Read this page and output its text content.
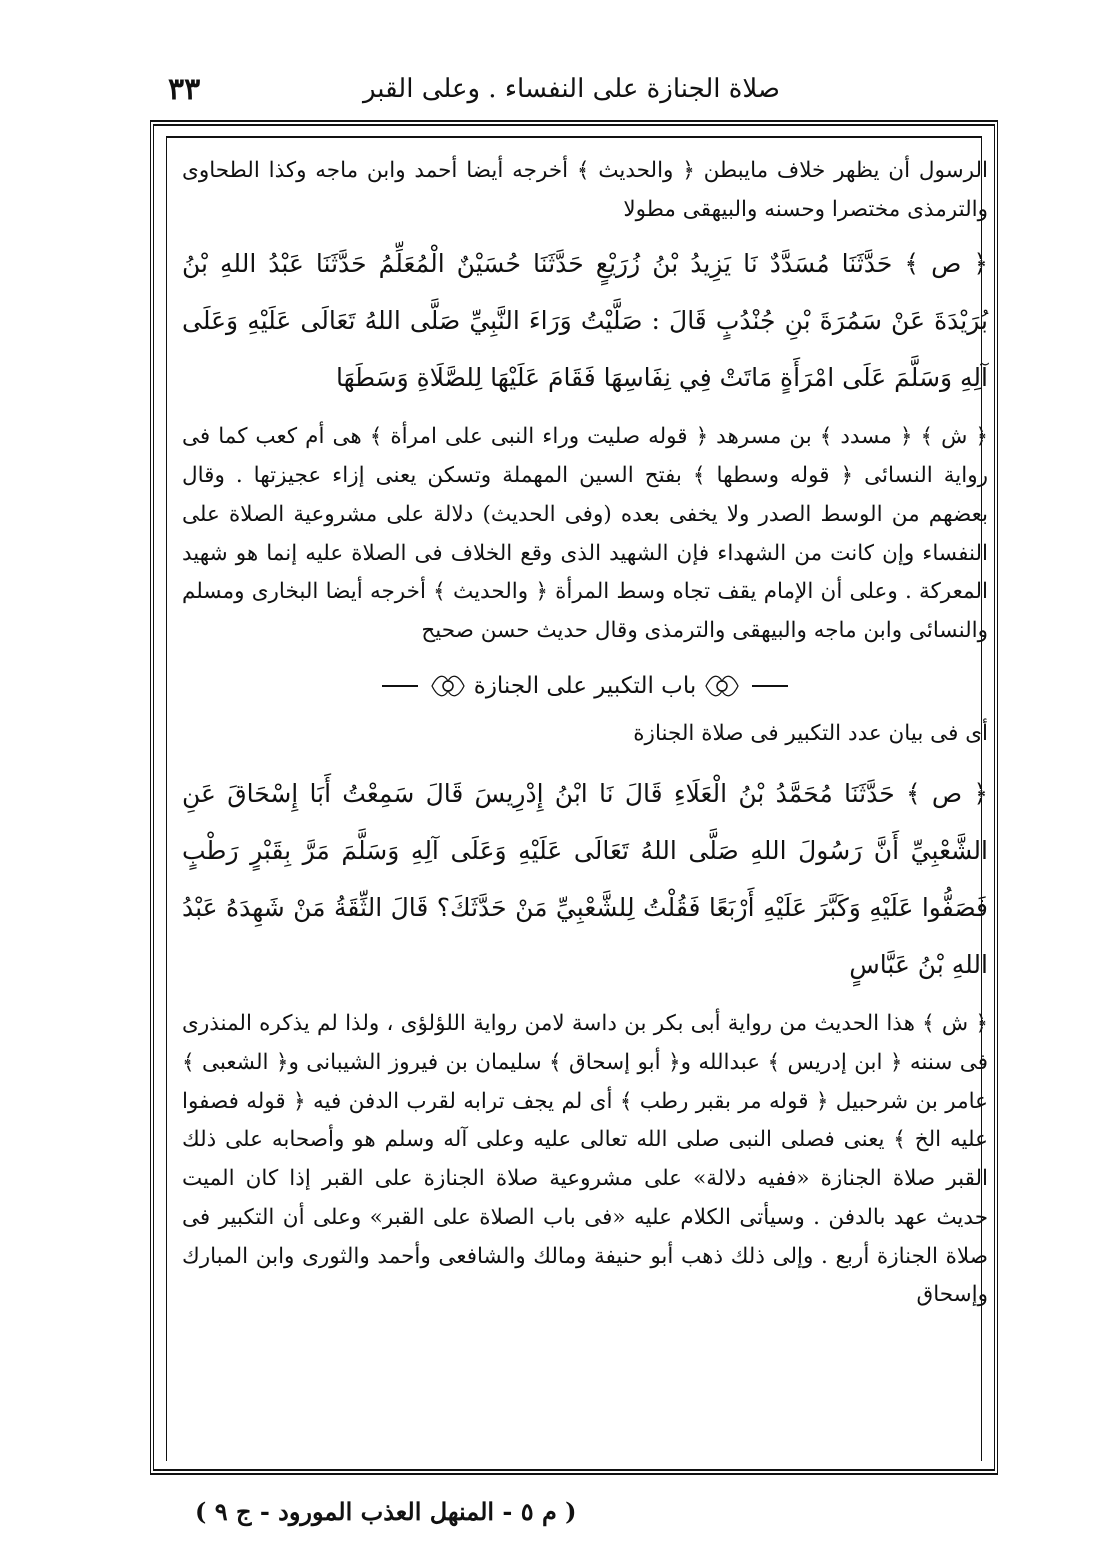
٣٣	صلاة الجنازة على النفساء . وعلى القبر

الرسول أن يظهر خلاف مايبطن ﴿ والحديث ﴾ أخرجه أيضا أحمد وابن ماجه وكذا الطحاوى والترمذى مختصرا وحسنه والبيهقى مطولا

﴿ ص ﴾ حَدَّثَنَا مُسَدَّدٌ نَا يَزِيدُ بْنُ زُرَيْعٍ حَدَّثَنَا حُسَيْنٌ الْمُعَلِّمُ حَدَّثَنَا عَبْدُ اللهِ بْنُ بُرَيْدَةَ عَنْ سَمُرَةَ بْنِ جُنْدُبٍ قَالَ : صَلَّيْتُ وَرَاءَ النَّبِيِّ صَلَّى اللهُ تَعَالَى عَلَيْهِ وَعَلَى آلِهِ وَسَلَّمَ عَلَى امْرَأَةٍ مَاتَتْ فِي نِفَاسِهَا فَقَامَ عَلَيْهَا لِلصَّلَاةِ وَسَطَهَا

﴿ ش ﴾ ﴿ مسدد ﴾ بن مسرهد ﴿ قوله صليت وراء النبى على امرأة ﴾ هى أم كعب كما فى رواية النسائى ﴿ قوله وسطها ﴾ بفتح السين المهملة وتسكن يعنى إزاء عجيزتها . وقال بعضهم من الوسط الصدر ولا يخفى بعده (وفى الحديث) دلالة على مشروعية الصلاة على النفساء وإن كانت من الشهداء فإن الشهيد الذى وقع الخلاف فى الصلاة عليه إنما هو شهيد المعركة . وعلى أن الإمام يقف تجاه وسط المرأة ﴿ والحديث ﴾ أخرجه أيضا البخارى ومسلم والنسائى وابن ماجه والبيهقى والترمذى وقال حديث حسن صحيح

باب التكبير على الجنازة

أى فى بيان عدد التكبير فى صلاة الجنازة

﴿ ص ﴾ حَدَّثَنَا مُحَمَّدُ بْنُ الْعَلَاءِ قَالَ نَا ابْنُ إِدْرِيسَ قَالَ سَمِعْتُ أَبَا إِسْحَاقَ عَنِ الشَّعْبِيِّ أَنَّ رَسُولَ اللهِ صَلَّى اللهُ تَعَالَى عَلَيْهِ وَعَلَى آلِهِ وَسَلَّمَ مَرَّ بِقَبْرٍ رَطْبٍ فَصَفُّوا عَلَيْهِ وَكَبَّرَ عَلَيْهِ أَرْبَعًا فَقُلْتُ لِلشَّعْبِيِّ مَنْ حَدَّثَكَ؟ قَالَ الثِّقَةُ مَنْ شَهِدَهُ عَبْدُ اللهِ بْنُ عَبَّاسٍ

﴿ ش ﴾ هذا الحديث من رواية أبى بكر بن داسة لامن رواية اللؤلؤى ، ولذا لم يذكره المنذرى فى سننه ﴿ ابن إدريس ﴾ عبدالله و﴿ أبو إسحاق ﴾ سليمان بن فيروز الشيبانى و﴿ الشعبى ﴾ عامر بن شرحبيل ﴿ قوله مر بقبر رطب ﴾ أى لم يجف ترابه لقرب الدفن فيه ﴿ قوله فصفوا عليه الخ ﴾ يعنى فصلى النبى صلى الله تعالى عليه وعلى آله وسلم هو وأصحابه على ذلك القبر صلاة الجنازة «ففيه دلالة» على مشروعية صلاة الجنازة على القبر إذا كان الميت حديث عهد بالدفن . وسيأتى الكلام عليه «فى باب الصلاة على القبر» وعلى أن التكبير فى صلاة الجنازة أربع . وإلى ذلك ذهب أبو حنيفة ومالك والشافعى وأحمد والثورى وابن المبارك وإسحاق

( م ٥ - المنهل العذب المورود - ج ٩ )
